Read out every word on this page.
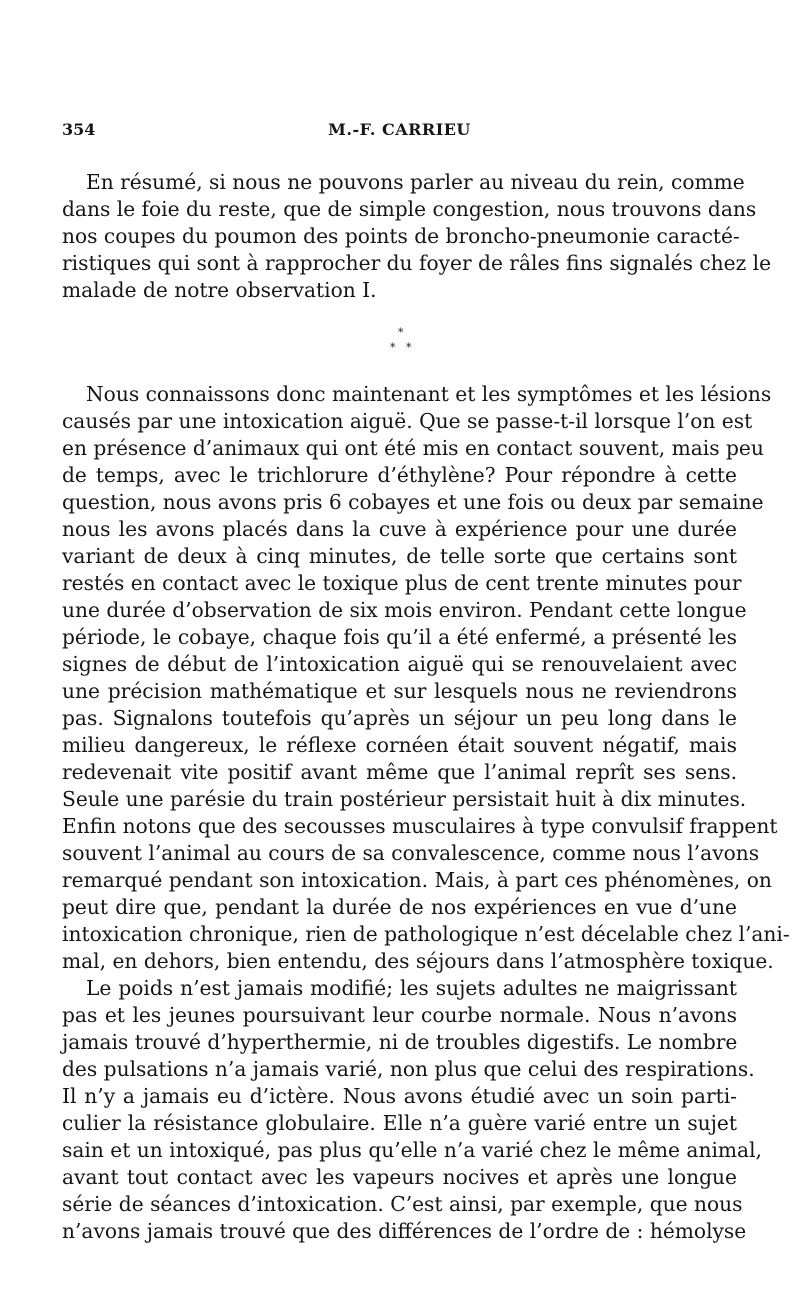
354	M.-F. CARRIEU
En résumé, si nous ne pouvons parler au niveau du rein, comme
dans le foie du reste, que de simple congestion, nous trouvons dans
nos coupes du poumon des points de broncho-pneumonie caracté-
ristiques qui sont à rapprocher du foyer de râles fins signalés chez le
malade de notre observation I.
*
* *
Nous connaissons donc maintenant et les symptômes et les lésions
causés par une intoxication aiguë. Que se passe-t-il lorsque l’on est
en présence d’animaux qui ont été mis en contact souvent, mais peu
de temps, avec le trichlorure d’éthylène? Pour répondre à cette
question, nous avons pris 6 cobayes et une fois ou deux par semaine
nous les avons placés dans la cuve à expérience pour une durée
variant de deux à cinq minutes, de telle sorte que certains sont
restés en contact avec le toxique plus de cent trente minutes pour
une durée d’observation de six mois environ. Pendant cette longue
période, le cobaye, chaque fois qu’il a été enfermé, a présenté les
signes de début de l’intoxication aiguë qui se renouvelaient avec
une précision mathématique et sur lesquels nous ne reviendrons
pas. Signalons toutefois qu’après un séjour un peu long dans le
milieu dangereux, le réflexe cornéen était souvent négatif, mais
redevenait vite positif avant même que l’animal reprît ses sens.
Seule une parésie du train postérieur persistait huit à dix minutes.
Enfin notons que des secousses musculaires à type convulsif frappent
souvent l’animal au cours de sa convalescence, comme nous l’avons
remarqué pendant son intoxication. Mais, à part ces phénomènes, on
peut dire que, pendant la durée de nos expériences en vue d’une
intoxication chronique, rien de pathologique n’est décelable chez l’ani-
mal, en dehors, bien entendu, des séjours dans l’atmosphère toxique.
Le poids n’est jamais modifié; les sujets adultes ne maigrissant
pas et les jeunes poursuivant leur courbe normale. Nous n’avons
jamais trouvé d’hyperthermie, ni de troubles digestifs. Le nombre
des pulsations n’a jamais varié, non plus que celui des respirations.
Il n’y a jamais eu d’ictère. Nous avons étudié avec un soin parti-
culier la résistance globulaire. Elle n’a guère varié entre un sujet
sain et un intoxiqué, pas plus qu’elle n’a varié chez le même animal,
avant tout contact avec les vapeurs nocives et après une longue
série de séances d’intoxication. C’est ainsi, par exemple, que nous
n’avons jamais trouvé que des différences de l’ordre de : hémolyse
